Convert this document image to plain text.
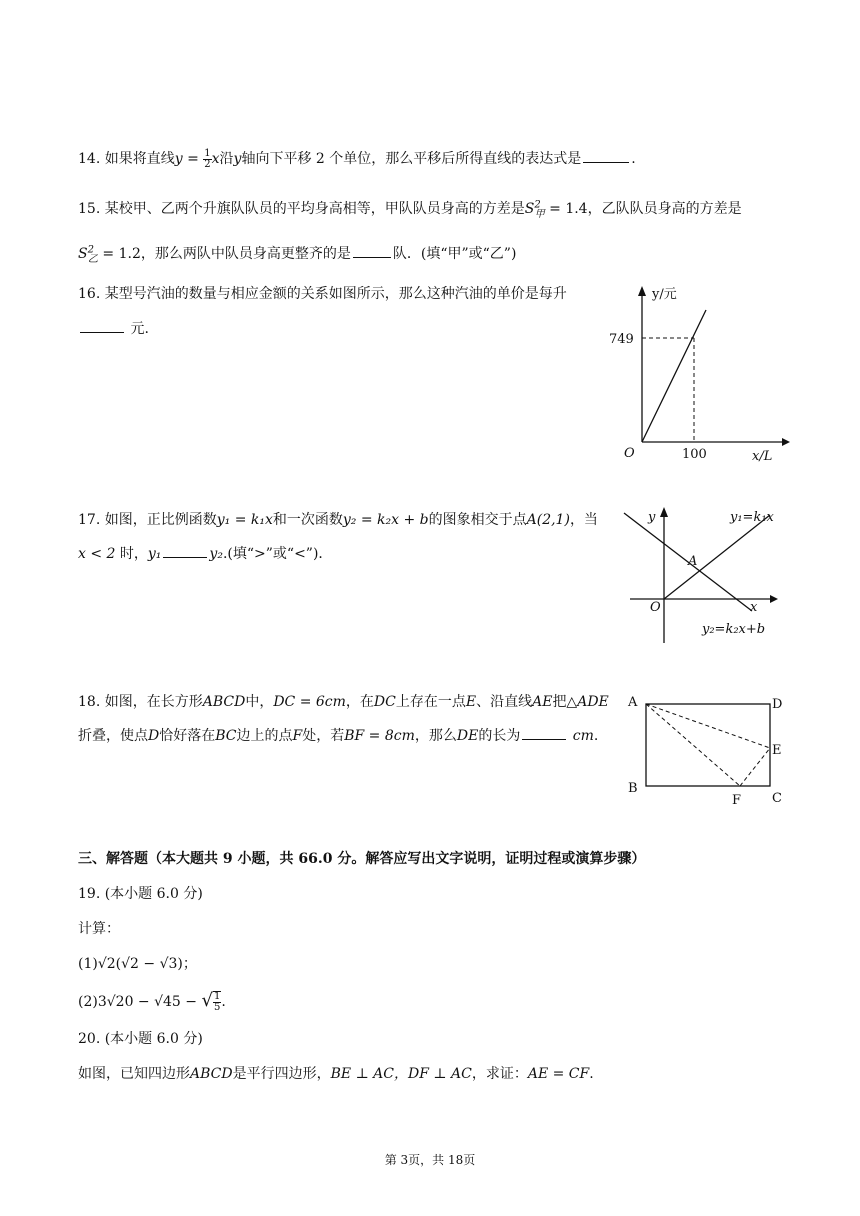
14. 如果将直线$y = \frac{1}{2}$ x沿y轴向下平移 2 个单位，那么平移后所得直线的表达式是	.
15. 某校甲、乙两个升旗队队员的平均身高相等，甲队队员身高的方差是$S^2_甲 = 1.4$，乙队队员身高的方差是
$S^2_乙 = 1.2$，那么两队中队员身高更整齐的是	队．(填“甲”或“乙”)
16. 某型号汽油的数量与相应金额的关系如图所示，那么这种汽油的单价是每升
元.
y/元
x/L
O
749
100
17. 如图，正比例函数y₁ = k₁x和一次函数y₂ = k₂x + b的图象相交于点A(2,1)，当
x < 2 时，y₁	y₂.(填“>”或“<”)．
y
x
O
A
y₁=k₁x
y₂=k₂x+b
18. 如图，在长方形ABCD中，DC = 6cm，在DC上存在一点E、沿直线AE把△ADE
折叠，使点D恰好落在BC边上的点F处，若BF = 8cm，那么DE的长为	cm.
A
B
C
D
E
F
三、解答题（本大题共 9 小题，共 66.0 分。解答应写出文字说明，证明过程或演算步骤）
19. (本小题 6.0 分)
计算：
(1)√2(√2 − √3)；
(2)3√20 − √45 − √ $\frac{1}{5}$ .
20. (本小题 6.0 分)
如图，已知四边形ABCD是平行四边形，BE ⊥ AC，DF ⊥ AC，求证：AE = CF.
第 3页，共 18页
